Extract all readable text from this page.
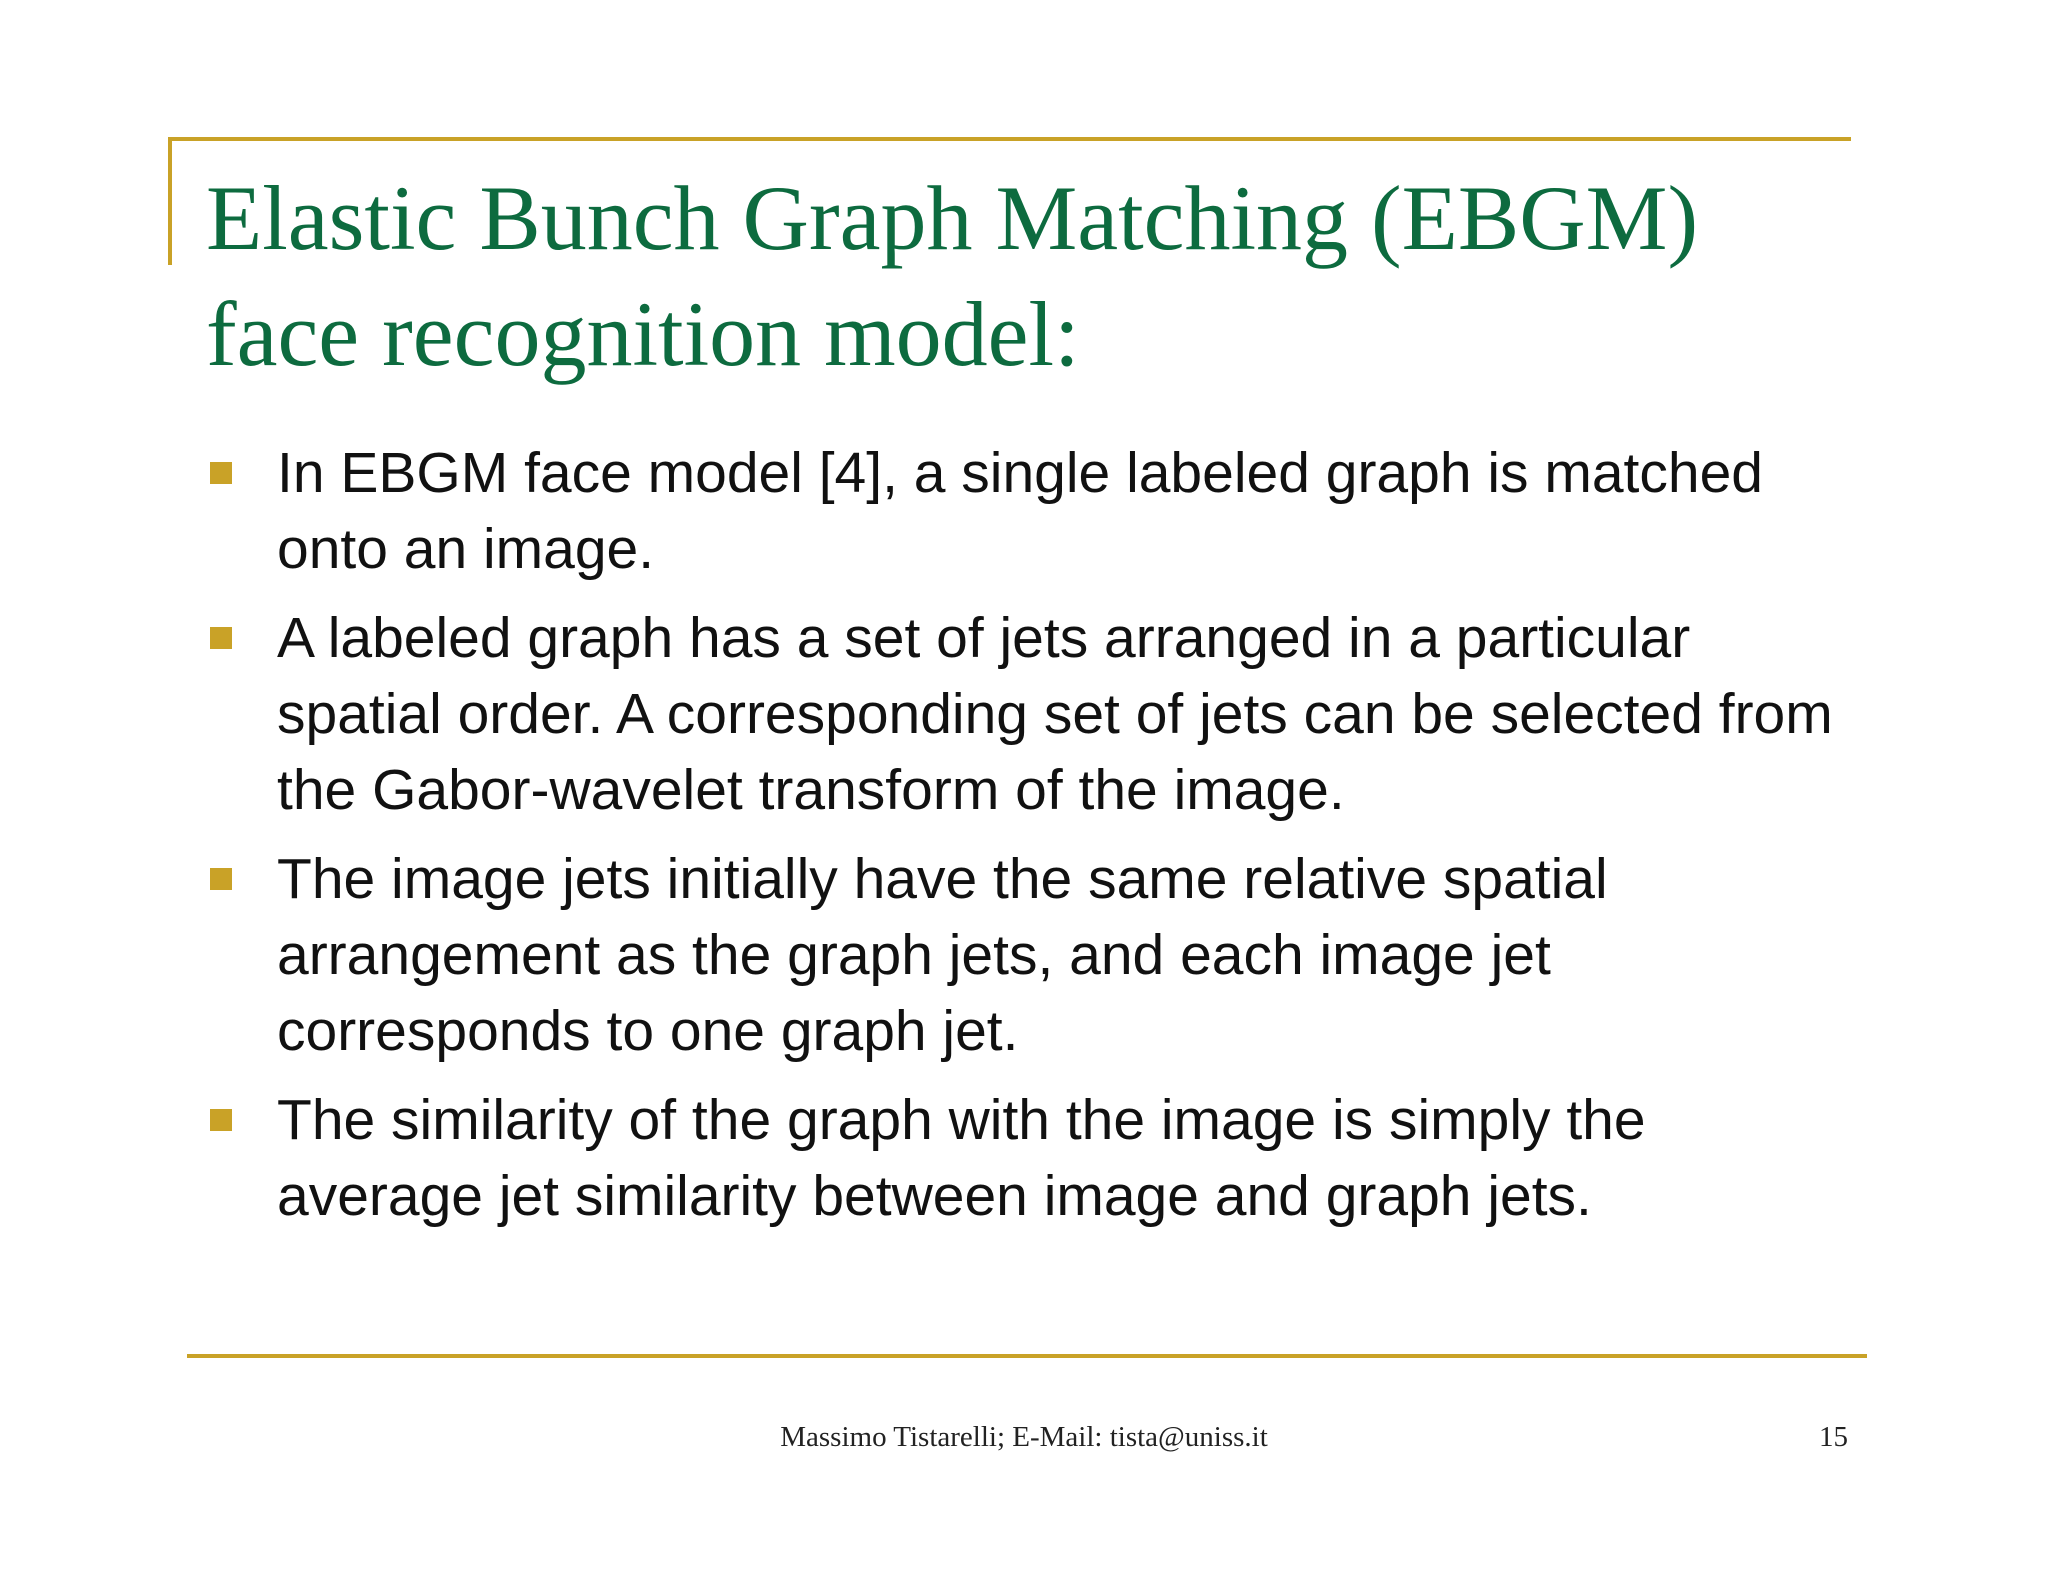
Elastic Bunch Graph Matching (EBGM)
face recognition model:
In EBGM face model [4], a single labeled graph is matched onto an image.
A labeled graph has a set of jets arranged in a particular spatial order. A corresponding set of jets can be selected from the Gabor-wavelet transform of the image.
The image jets initially have the same relative spatial arrangement as the graph jets, and each image jet corresponds to one graph jet.
The similarity of the graph with the image is simply the average jet similarity between image and graph jets.
Massimo Tistarelli; E-Mail: tista@uniss.it	15
